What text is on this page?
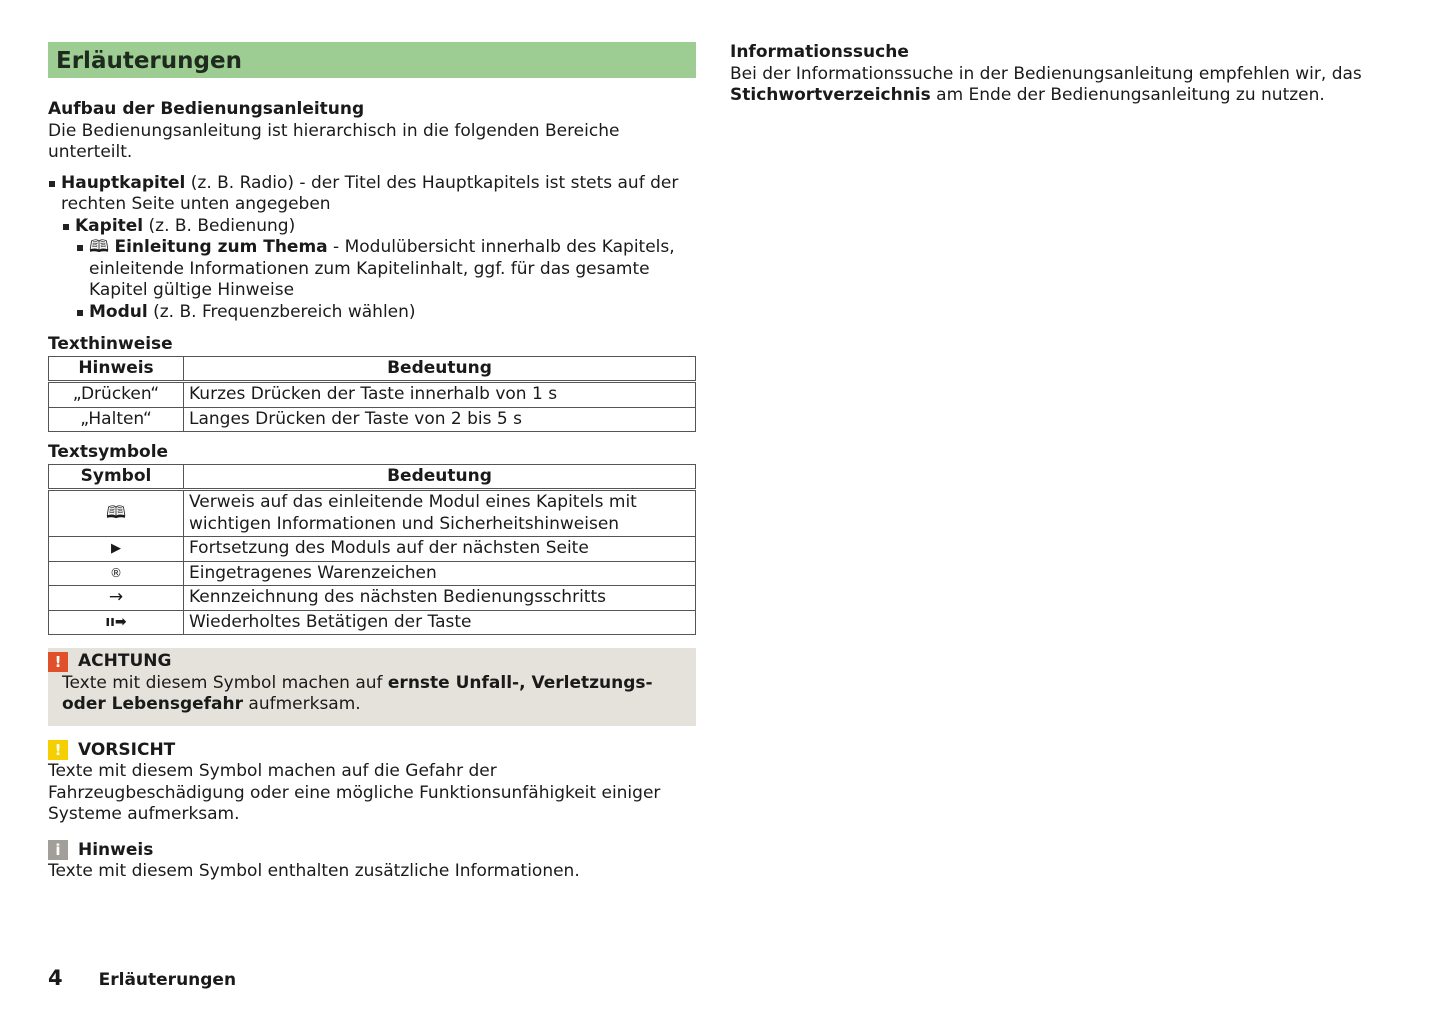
Erläuterungen
Aufbau der Bedienungsanleitung

Die Bedienungsanleitung ist hierarchisch in die folgenden Bereiche unterteilt.

Hauptkapitel (z. B. Radio) - der Titel des Hauptkapitels ist stets auf der rechten Seite unten angegeben
Kapitel (z. B. Bedienung)
🕮 Einleitung zum Thema - Modulübersicht innerhalb des Kapitels, einleitende Informationen zum Kapitelinhalt, ggf. für das gesamte Kapitel gültige Hinweise
Modul (z. B. Frequenzbereich wählen)
Texthinweise
Hinweis	Bedeutung
„Drücken“	Kurzes Drücken der Taste innerhalb von 1 s
„Halten“	Langes Drücken der Taste von 2 bis 5 s
Textsymbole
Symbol	Bedeutung
🕮	Verweis auf das einleitende Modul eines Kapitels mit wichtigen Informationen und Sicherheitshinweisen
▶	Fortsetzung des Moduls auf der nächsten Seite
®	Eingetragenes Warenzeichen
→	Kennzeichnung des nächsten Bedienungsschritts
ıı➡	Wiederholtes Betätigen der Taste
! ACHTUNG

Texte mit diesem Symbol machen auf ernste Unfall-, Verletzungs- oder Lebensgefahr aufmerksam.

! VORSICHT

Texte mit diesem Symbol machen auf die Gefahr der Fahrzeugbeschädigung oder eine mögliche Funktionsunfähigkeit einiger Systeme aufmerksam.

i	Hinweis

Texte mit diesem Symbol enthalten zusätzliche Informationen.

Informationssuche

Bei der Informationssuche in der Bedienungsanleitung empfehlen wir, das Stichwortverzeichnis am Ende der Bedienungsanleitung zu nutzen.

4 Erläuterungen
